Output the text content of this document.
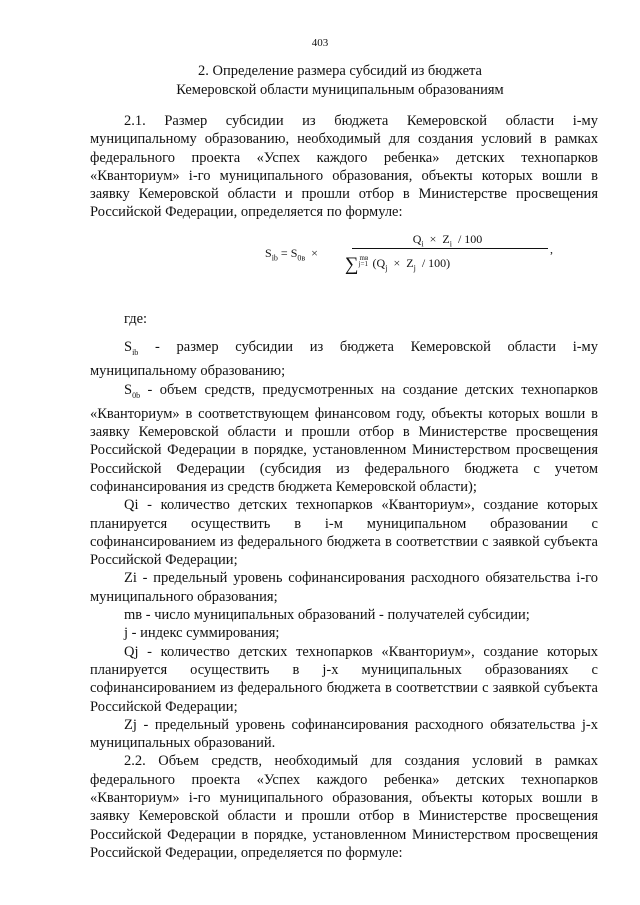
403
2. Определение размера субсидий из бюджета
Кемеровской области муниципальным образованиям

2.1. Размер субсидии из бюджета Кемеровской области i-му муниципальному образованию, необходимый для создания условий в рамках федерального проекта «Успех каждого ребенка» детских технопарков «Кванториум» i-го муниципального образования, объекты которых вошли в заявку Кемеровской области и прошли отбор в Министерстве просвещения Российской Федерации, определяется по формуле:

$S_{ib} = S_{0в}$ ×
$Q_i \times Z_i / 100$
∑ mв
j=1 $(Q_j \times Z_j / 100)$
,

где:

$S_{ib}$ - размер субсидии из бюджета Кемеровской области i-му муниципальному образованию;

$S_{0b}$ - объем средств, предусмотренных на создание детских технопарков «Кванториум» в соответствующем финансовом году, объекты которых вошли в заявку Кемеровской области и прошли отбор в Министерстве просвещения Российской Федерации в порядке, установленном Министерством просвещения Российской Федерации (субсидия из федерального бюджета с учетом софинансирования из средств бюджета Кемеровской области);

Qi - количество детских технопарков «Кванториум», создание которых планируется осуществить в i-м муниципальном образовании с софинансированием из федерального бюджета в соответствии с заявкой субъекта Российской Федерации;

Zi - предельный уровень софинансирования расходного обязательства i-го муниципального образования;

mв - число муниципальных образований - получателей субсидии;

j - индекс суммирования;

Qj - количество детских технопарков «Кванториум», создание которых планируется осуществить в j-х муниципальных образованиях с софинансированием из федерального бюджета в соответствии с заявкой субъекта Российской Федерации;

Zj - предельный уровень софинансирования расходного обязательства j-х муниципальных образований.

2.2. Объем средств, необходимый для создания условий в рамках федерального проекта «Успех каждого ребенка» детских технопарков «Кванториум» i-го муниципального образования, объекты которых вошли в заявку Кемеровской области и прошли отбор в Министерстве просвещения Российской Федерации в порядке, установленном Министерством просвещения Российской Федерации, определяется по формуле:
